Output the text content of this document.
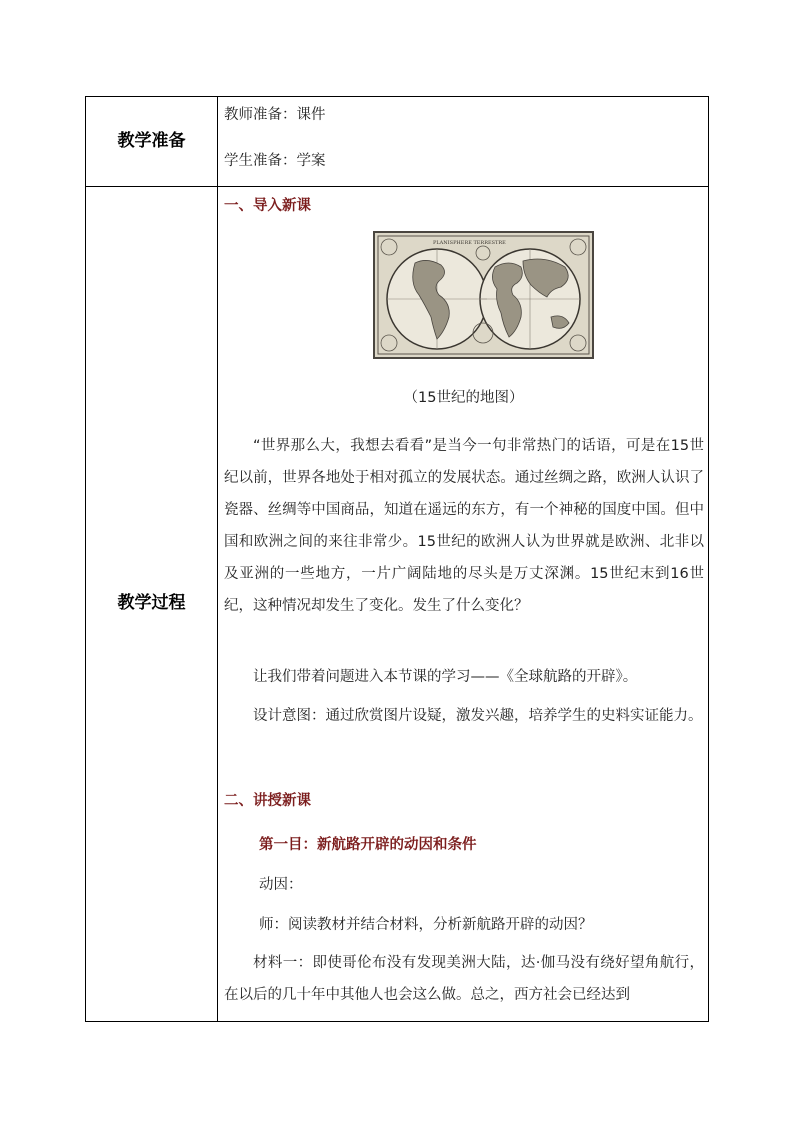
教学准备
教师准备：课件
学生准备：学案
教学过程
一、导入新课
PLANISPHERE TERRESTRE
（15世纪的地图）

“世界那么大，我想去看看”是当今一句非常热门的话语，可是在15世纪以前，世界各地处于相对孤立的发展状态。通过丝绸之路，欧洲人认识了瓷器、丝绸等中国商品，知道在遥远的东方，有一个神秘的国度中国。但中国和欧洲之间的来往非常少。15世纪的欧洲人认为世界就是欧洲、北非以及亚洲的一些地方，一片广阔陆地的尽头是万丈深渊。15世纪末到16世纪，这种情况却发生了变化。发生了什么变化？

让我们带着问题进入本节课的学习——《全球航路的开辟》。

设计意图：通过欣赏图片设疑，激发兴趣，培养学生的史料实证能力。

二、讲授新课
第一目：新航路开辟的动因和条件
动因：
师：阅读教材并结合材料，分析新航路开辟的动因？

材料一：即使哥伦布没有发现美洲大陆，达·伽马没有绕好望角航行，在以后的几十年中其他人也会这么做。总之，西方社会已经达到
